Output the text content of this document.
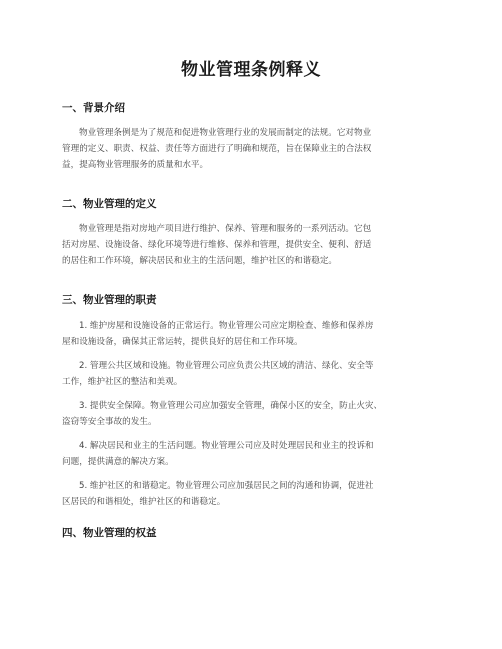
物业管理条例释义
一、背景介绍
物业管理条例是为了规范和促进物业管理行业的发展而制定的法规。它对物业
管理的定义、职责、权益、责任等方面进行了明确和规范，旨在保障业主的合法权
益，提高物业管理服务的质量和水平。
二、物业管理的定义
物业管理是指对房地产项目进行维护、保养、管理和服务的一系列活动。它包
括对房屋、设施设备、绿化环境等进行维修、保养和管理，提供安全、便利、舒适
的居住和工作环境，解决居民和业主的生活问题，维护社区的和谐稳定。
三、物业管理的职责
1. 维护房屋和设施设备的正常运行。物业管理公司应定期检查、维修和保养房
屋和设施设备，确保其正常运转，提供良好的居住和工作环境。
2. 管理公共区域和设施。物业管理公司应负责公共区域的清洁、绿化、安全等
工作，维护社区的整洁和美观。
3. 提供安全保障。物业管理公司应加强安全管理，确保小区的安全，防止火灾、
盗窃等安全事故的发生。
4. 解决居民和业主的生活问题。物业管理公司应及时处理居民和业主的投诉和
问题，提供满意的解决方案。
5. 维护社区的和谐稳定。物业管理公司应加强居民之间的沟通和协调，促进社
区居民的和谐相处，维护社区的和谐稳定。
四、物业管理的权益
